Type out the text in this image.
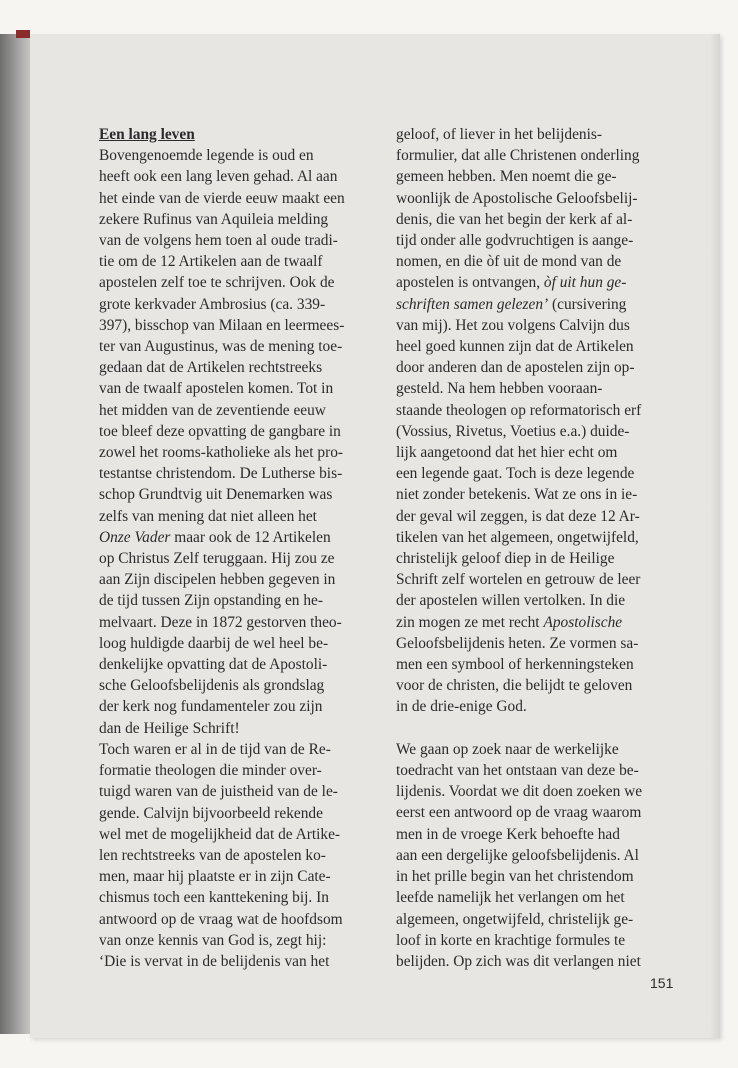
Een lang leven
Bovengenoemde legende is oud en
heeft ook een lang leven gehad. Al aan
het einde van de vierde eeuw maakt een
zekere Rufinus van Aquileia melding
van de volgens hem toen al oude tradi-
tie om de 12 Artikelen aan de twaalf
apostelen zelf toe te schrijven. Ook de
grote kerkvader Ambrosius (ca. 339-
397), bisschop van Milaan en leermees-
ter van Augustinus, was de mening toe-
gedaan dat de Artikelen rechtstreeks
van de twaalf apostelen komen. Tot in
het midden van de zeventiende eeuw
toe bleef deze opvatting de gangbare in
zowel het rooms-katholieke als het pro-
testantse christendom. De Lutherse bis-
schop Grundtvig uit Denemarken was
zelfs van mening dat niet alleen het
Onze Vader maar ook de 12 Artikelen
op Christus Zelf teruggaan. Hij zou ze
aan Zijn discipelen hebben gegeven in
de tijd tussen Zijn opstanding en he-
melvaart. Deze in 1872 gestorven theo-
loog huldigde daarbij de wel heel be-
denkelijke opvatting dat de Apostoli-
sche Geloofsbelijdenis als grondslag
der kerk nog fundamenteler zou zijn
dan de Heilige Schrift!
Toch waren er al in de tijd van de Re-
formatie theologen die minder over-
tuigd waren van de juistheid van de le-
gende. Calvijn bijvoorbeeld rekende
wel met de mogelijkheid dat de Artike-
len rechtstreeks van de apostelen ko-
men, maar hij plaatste er in zijn Cate-
chismus toch een kanttekening bij. In
antwoord op de vraag wat de hoofdsom
van onze kennis van God is, zegt hij:
‘Die is vervat in de belijdenis van het
geloof, of liever in het belijdenis-
formulier, dat alle Christenen onderling
gemeen hebben. Men noemt die ge-
woonlijk de Apostolische Geloofsbelij-
denis, die van het begin der kerk af al-
tijd onder alle godvruchtigen is aange-
nomen, en die òf uit de mond van de
apostelen is ontvangen, òf uit hun ge-
schriften samen gelezen’ (cursivering
van mij). Het zou volgens Calvijn dus
heel goed kunnen zijn dat de Artikelen
door anderen dan de apostelen zijn op-
gesteld. Na hem hebben vooraan-
staande theologen op reformatorisch erf
(Vossius, Rivetus, Voetius e.a.) duide-
lijk aangetoond dat het hier echt om
een legende gaat. Toch is deze legende
niet zonder betekenis. Wat ze ons in ie-
der geval wil zeggen, is dat deze 12 Ar-
tikelen van het algemeen, ongetwijfeld,
christelijk geloof diep in de Heilige
Schrift zelf wortelen en getrouw de leer
der apostelen willen vertolken. In die
zin mogen ze met recht Apostolische
Geloofsbelijdenis heten. Ze vormen sa-
men een symbool of herkenningsteken
voor de christen, die belijdt te geloven
in de drie-enige God.
We gaan op zoek naar de werkelijke
toedracht van het ontstaan van deze be-
lijdenis. Voordat we dit doen zoeken we
eerst een antwoord op de vraag waarom
men in de vroege Kerk behoefte had
aan een dergelijke geloofsbelijdenis. Al
in het prille begin van het christendom
leefde namelijk het verlangen om het
algemeen, ongetwijfeld, christelijk ge-
loof in korte en krachtige formules te
belijden. Op zich was dit verlangen niet
151
